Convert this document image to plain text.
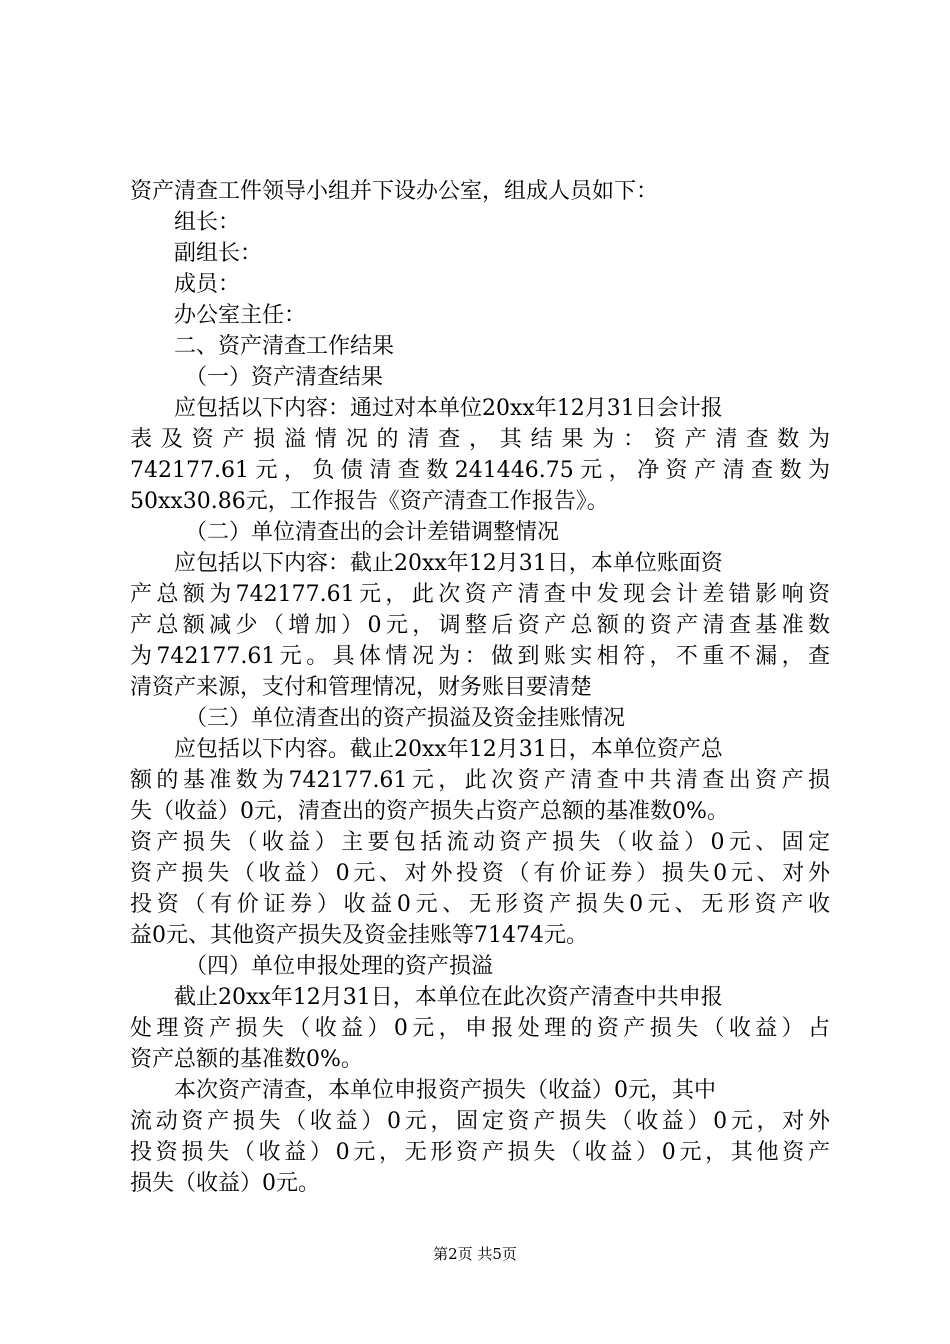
资产清查工件领导小组并下设办公室，组成人员如下：
组长：
副组长：
成员：
办公室主任：
二、资产清查工作结果
（一）资产清查结果
应包括以下内容：通过对本单位20xx年12月31日会计报
表及资产损溢情况的清查，其结果为：资产清查数为
742177.61元，负债清查数241446.75元，净资产清查数为
50xx30.86元，工作报告《资产清查工作报告》。
（二）单位清查出的会计差错调整情况
应包括以下内容：截止20xx年12月31日，本单位账面资
产总额为742177.61元，此次资产清查中发现会计差错影响资
产总额减少（增加）0元，调整后资产总额的资产清查基准数
为742177.61元。具体情况为：做到账实相符，不重不漏，查
清资产来源，支付和管理情况，财务账目要清楚
（三）单位清查出的资产损溢及资金挂账情况
应包括以下内容。截止20xx年12月31日，本单位资产总
额的基准数为742177.61元，此次资产清查中共清查出资产损
失（收益）0元，清查出的资产损失占资产总额的基准数0%。
资产损失（收益）主要包括流动资产损失（收益）0元、固定
资产损失（收益）0元、对外投资（有价证券）损失0元、对外
投资（有价证券）收益0元、无形资产损失0元、无形资产收
益0元、其他资产损失及资金挂账等71474元。
（四）单位申报处理的资产损溢
截止20xx年12月31日，本单位在此次资产清查中共申报
处理资产损失（收益）0元，申报处理的资产损失（收益）占
资产总额的基准数0%。
本次资产清查，本单位申报资产损失（收益）0元，其中
流动资产损失（收益）0元，固定资产损失（收益）0元，对外
投资损失（收益）0元，无形资产损失（收益）0元，其他资产
损失（收益）0元。
第2页 共5页
